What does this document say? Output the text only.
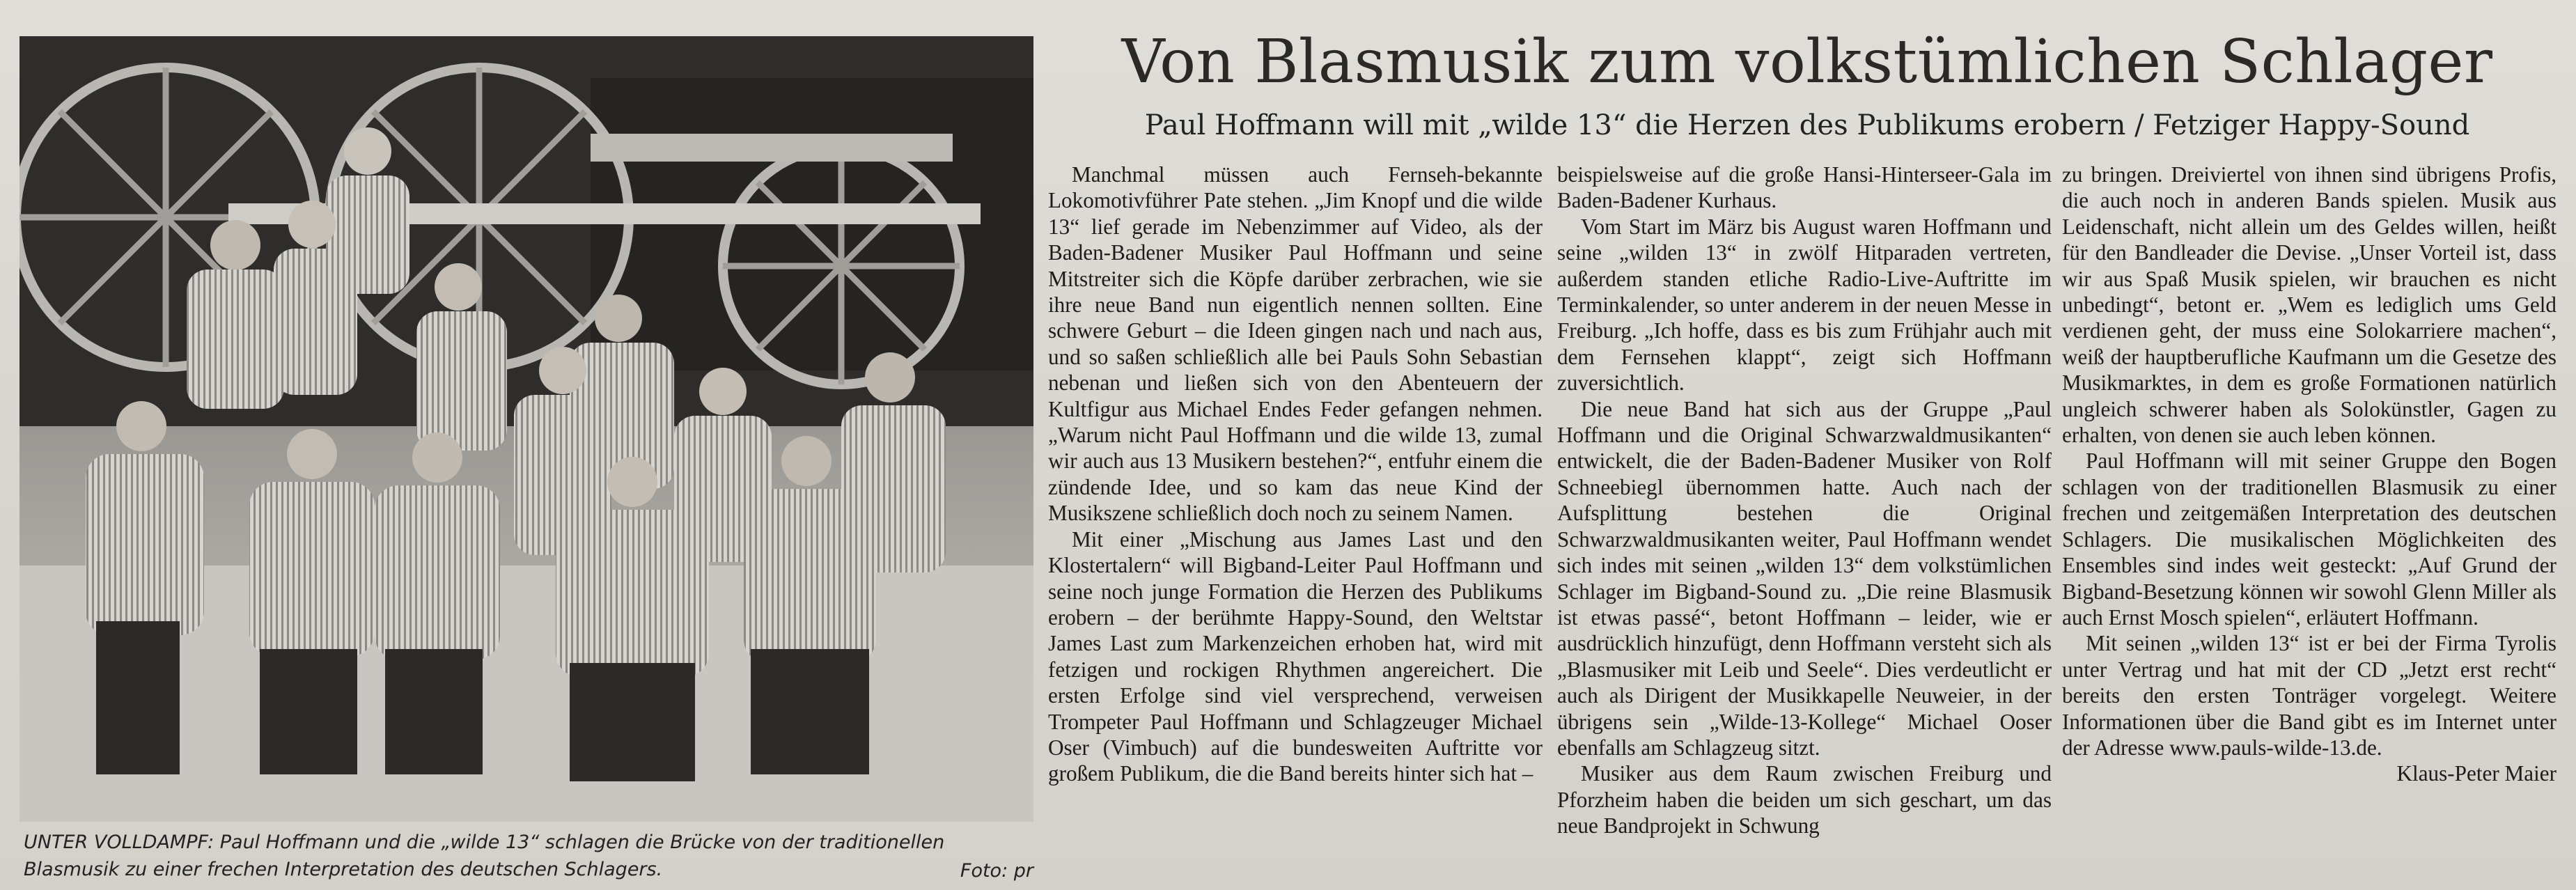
UNTER VOLLDAMPF: Paul Hoffmann und die „wilde 13“ schlagen die Brücke von der traditionellen Blasmusik zu einer frechen Interpretation des deutschen Schlagers.	Foto: pr
Von Blasmusik zum volkstümlichen Schlager
Paul Hoffmann will mit „wilde 13“ die Herzen des Publikums erobern / Fetziger Happy-Sound

Manchmal müssen auch Fernseh-bekannte Lokomotivführer Pate stehen. „Jim Knopf und die wilde 13“ lief gerade im Nebenzimmer auf Video, als der Baden-Badener Musiker Paul Hoffmann und seine Mitstreiter sich die Köpfe darüber zerbrachen, wie sie ihre neue Band nun eigentlich nennen sollten. Eine schwere Geburt – die Ideen gingen nach und nach aus, und so saßen schließlich alle bei Pauls Sohn Sebastian nebenan und ließen sich von den Abenteuern der Kultfigur aus Michael Endes Feder gefangen nehmen. „Warum nicht Paul Hoffmann und die wilde 13, zumal wir auch aus 13 Musikern bestehen?“, entfuhr einem die zündende Idee, und so kam das neue Kind der Musikszene schließlich doch noch zu seinem Namen.

Mit einer „Mischung aus James Last und den Klostertalern“ will Bigband-Leiter Paul Hoffmann und seine noch junge Formation die Herzen des Publikums erobern – der berühmte Happy-Sound, den Weltstar James Last zum Markenzeichen erhoben hat, wird mit fetzigen und rockigen Rhythmen angereichert. Die ersten Erfolge sind viel versprechend, verweisen Trompeter Paul Hoffmann und Schlagzeuger Michael Oser (Vimbuch) auf die bundesweiten Auftritte vor großem Publikum, die die Band bereits hinter sich hat –

beispielsweise auf die große Hansi-Hinterseer-Gala im Baden-Badener Kurhaus.

Vom Start im März bis August waren Hoffmann und seine „wilden 13“ in zwölf Hitparaden vertreten, außerdem standen etliche Radio-Live-Auftritte im Terminkalender, so unter anderem in der neuen Messe in Freiburg. „Ich hoffe, dass es bis zum Frühjahr auch mit dem Fernsehen klappt“, zeigt sich Hoffmann zuversichtlich.

Die neue Band hat sich aus der Gruppe „Paul Hoffmann und die Original Schwarzwaldmusikanten“ entwickelt, die der Baden-Badener Musiker von Rolf Schneebiegl übernommen hatte. Auch nach der Aufsplittung bestehen die Original Schwarzwaldmusikanten weiter, Paul Hoffmann wendet sich indes mit seinen „wilden 13“ dem volkstümlichen Schlager im Bigband-Sound zu. „Die reine Blasmusik ist etwas passé“, betont Hoffmann – leider, wie er ausdrücklich hinzufügt, denn Hoffmann versteht sich als „Blasmusiker mit Leib und Seele“. Dies verdeutlicht er auch als Dirigent der Musikkapelle Neuweier, in der übrigens sein „Wilde-13-Kollege“ Michael Ooser ebenfalls am Schlagzeug sitzt.

Musiker aus dem Raum zwischen Freiburg und Pforzheim haben die beiden um sich geschart, um das neue Bandprojekt in Schwung

zu bringen. Dreiviertel von ihnen sind übrigens Profis, die auch noch in anderen Bands spielen. Musik aus Leidenschaft, nicht allein um des Geldes willen, heißt für den Bandleader die Devise. „Unser Vorteil ist, dass wir aus Spaß Musik spielen, wir brauchen es nicht unbedingt“, betont er. „Wem es lediglich ums Geld verdienen geht, der muss eine Solokarriere machen“, weiß der hauptberufliche Kaufmann um die Gesetze des Musikmarktes, in dem es große Formationen natürlich ungleich schwerer haben als Solokünstler, Gagen zu erhalten, von denen sie auch leben können.

Paul Hoffmann will mit seiner Gruppe den Bogen schlagen von der traditionellen Blasmusik zu einer frechen und zeitgemäßen Interpretation des deutschen Schlagers. Die musikalischen Möglichkeiten des Ensembles sind indes weit gesteckt: „Auf Grund der Bigband-Besetzung können wir sowohl Glenn Miller als auch Ernst Mosch spielen“, erläutert Hoffmann.

Mit seinen „wilden 13“ ist er bei der Firma Tyrolis unter Vertrag und hat mit der CD „Jetzt erst recht“ bereits den ersten Tonträger vorgelegt. Weitere Informationen über die Band gibt es im Internet unter der Adresse www.pauls-wilde-13.de.
Klaus-Peter Maier
